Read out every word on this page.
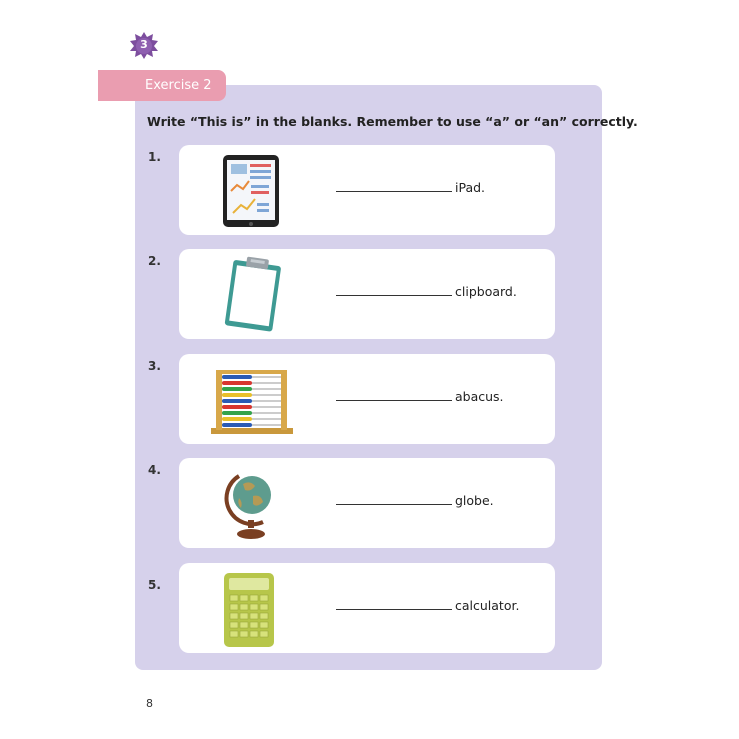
3
Exercise 2
Write “This is” in the blanks. Remember to use “a” or “an” correctly.
1.
iPad.
2.
clipboard.
3.
abacus.
4.
globe.
5.
calculator.
8
